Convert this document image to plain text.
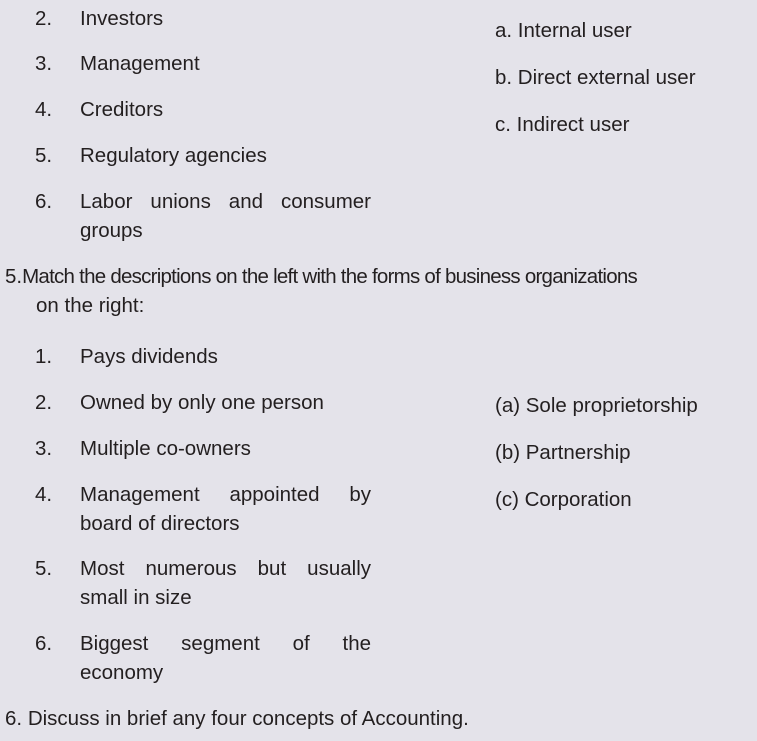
2.	Investors
3.	Management
4.	Creditors
5.	Regulatory agencies
6.	Labor unions and consumer groups
a. Internal user
b. Direct external user
c. Indirect user
5.Match the descriptions on the left with the forms of business organizations
on the right:
1.	Pays dividends
2.	Owned by only one person
3.	Multiple co-owners
4.	Management appointed by board of directors
5.	Most numerous but usually small in size
6.	Biggest segment of the economy
(a) Sole proprietorship
(b) Partnership
(c) Corporation
6. Discuss in brief any four concepts of Accounting.
